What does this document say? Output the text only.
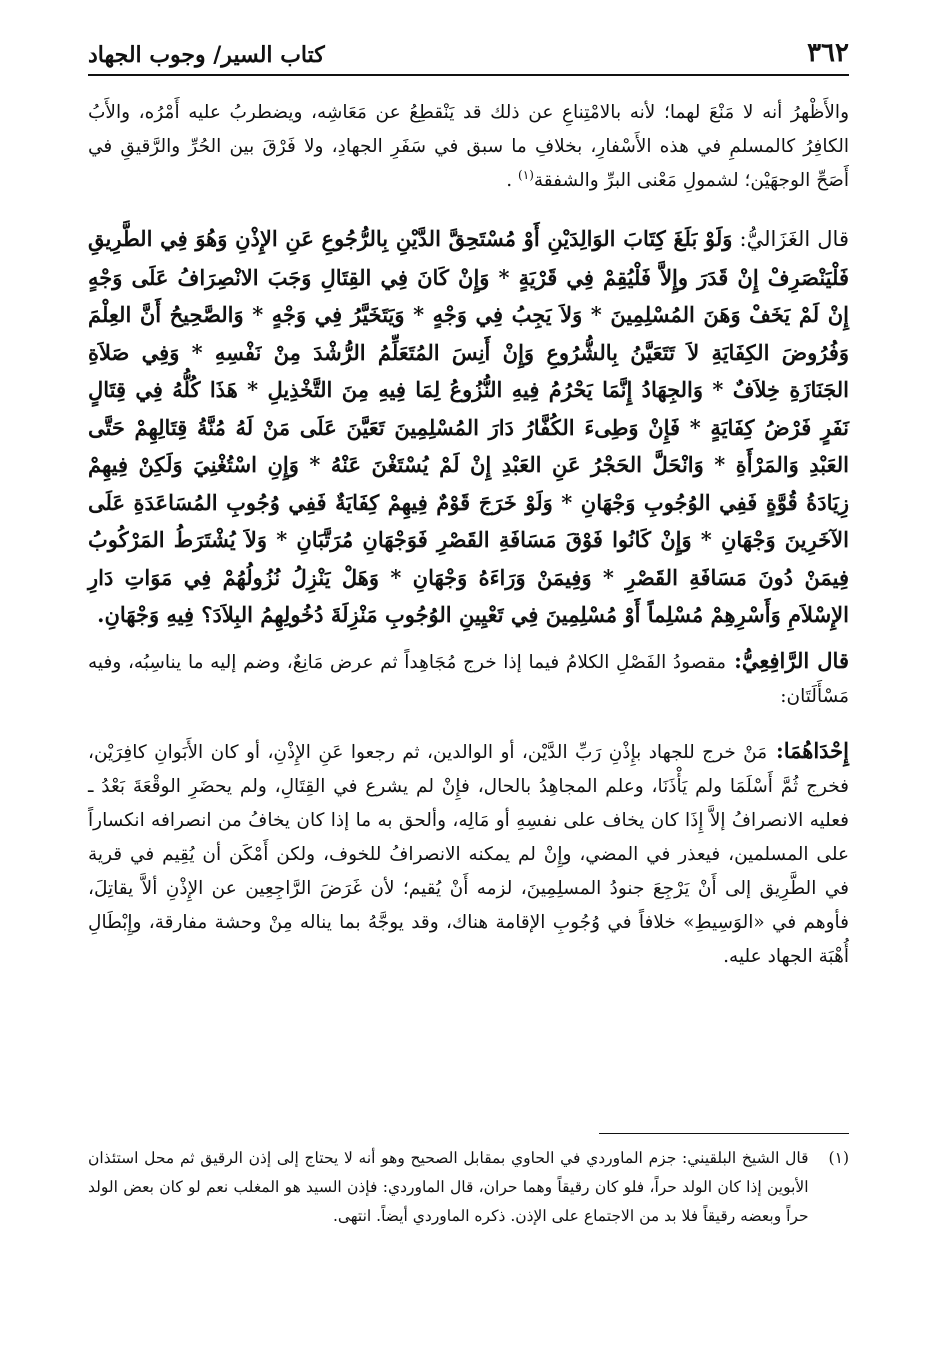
٣٦٢
كتاب السير/ وجوب الجهاد

والأَظْهرُ أنه لا مَنْعَ لهما؛ لأنه بالامْتِناعِ عن ذلك قد يَنْقطِعُ عن مَعَاشِه، ويضطربُ عليه أَمْرُه، والأَبُ الكافِرُ كالمسلمِ في هذه الأَسْفارِ، بخلافِ ما سبق في سَفَرِ الجهادِ، ولا فَرْقَ بين الحُرِّ والرَّقيقِ في أَصَحِّ الوجهَيْن؛ لشمولِ مَعْنى البرِّ والشفقة$^{(١)}$ .

قال الغَزَاليُّ: وَلَوْ بَلَغَ كِتَابَ الوَالِدَيْنِ أَوْ مُسْتَحِقَّ الدَّيْنِ بِالرُّجُوعِ عَنِ الإِذْنِ وَهُوَ فِي الطَّرِيقِ فَلْيَنْصَرِفْ إِنْ قَدَرَ وإِلاَّ فَلْيُقِمْ فِي قَرْيَةٍ * وَإِنْ كَانَ فِي القِتَالِ وَجَبَ الانْصِرَافُ عَلَى وَجْهٍ إِنْ لَمْ يَخَفْ وَهَنَ المُسْلِمِينَ * وَلاَ يَجِبُ فِي وَجْهٍ * وَيَتَخَيَّرُ فِي وَجْهٍ * وَالصَّحِيحُ أَنَّ العِلْمَ وَفُرُوضَ الكِفَايَةِ لاَ تَتَعَيَّنُ بِالشُّرُوعِ وَإِنْ أَنِسَ المُتَعَلِّمُ الرُّشْدَ مِنْ نَفْسِهِ * وَفِي صَلاَةِ الجَنَازَةِ خِلاَفٌ * وَالجِهَادُ إِنَّمَا يَحْرُمُ فِيهِ النُّزُوعُ لِمَا فِيهِ مِنَ التَّخْذِيلِ * هَذَا كُلُّهُ فِي قِتَالٍ نَفَرٍ فَرْضُ كِفَايَةٍ * فَإِنْ وَطِىءَ الكُفَّارُ دَارَ المُسْلِمِينَ تَعَيَّنَ عَلَى مَنْ لَهُ مُنَّةُ قِتَالِهِمْ حَتَّى العَبْدِ وَالمَرْأَةِ * وَانْحَلَّ الحَجْرُ عَنِ العَبْدِ إِنْ لَمْ يُسْتَغْنَ عَنْهُ * وَإِنِ اسْتُغْنِيَ وَلَكِنْ فِيهِمْ زِيَادَةُ قُوَّةٍ فَفِي الوُجُوبِ وَجْهَانِ * وَلَوْ خَرَجَ قَوْمٌ فِيهِمْ كِفَايَةٌ فَفِي وُجُوبِ المُسَاعَدَةِ عَلَى الآخَرِينَ وَجْهَانِ * وَإِنْ كَانُوا فَوْقَ مَسَافَةِ القَصْرِ فَوَجْهَانِ مُرَتَّبَانِ * وَلاَ يُشْتَرَطُ المَرْكُوبُ فِيمَنْ دُونَ مَسَافَةِ القَصْرِ * وَفِيمَنْ وَرَاءَهُ وَجْهَانِ * وَهَلْ يَنْزِلُ نُزُولُهُمْ فِي مَوَاتِ دَارِ الإِسْلاَمِ وَأَسْرِهِمْ مُسْلِماً أَوْ مُسْلِمِينَ فِي تَعْيِينِ الوُجُوبِ مَنْزِلَةَ دُخُولِهِمُ البِلاَدَ؟ فِيهِ وَجْهَانِ.

قال الرَّافِعِيُّ: مقصودُ الفَصْلِ الكلامُ فيما إذا خرج مُجَاهِداً ثم عرض مَانِعٌ، وضم إليه ما يناسِبُه، وفيه مَسْأَلَتَان:

إِحْدَاهُمَا: مَنْ خرج للجهاد بإِذْنِ رَبِّ الدَّيْن، أو الوالدين، ثم رجعوا عَنِ الإِذْنِ، أو كان الأَبَوانِ كافِرَيْن، فخرج ثُمَّ أَسْلَمَا ولم يَأْذَنَا، وعلم المجاهِدُ بالحال، فإِنْ لم يشرع في القِتَالِ، ولم يحضَرِ الوقْعَةَ بَعْدُ ـ فعليه الانصرافُ إلاَّ إِذَا كان يخاف على نفسِهِ أو مَالِه، وألحق به ما إذا كان يخافُ من انصرافه انكساراً على المسلمين، فيعذر في المضي، وإِنْ لم يمكنه الانصرافُ للخوف، ولكن أَمْكَن أن يُقِيم في قرية في الطَّرِيق إلى أَنْ يَرْجِعَ جنودُ المسلِمِينَ، لزمه أَنْ يُقيم؛ لأن غَرَضَ الرَّاجِعِين عن الإِذْنِ ألاَّ يقاتِلَ، فأوهم في «الوَسِيطِ» خلافاً في وُجُوبِ الإقامة هناك، وقد يوجَّهُ بما يناله مِنْ وحشة مفارقة، وإِبْطَالِ أُهْبَة الجهاد عليه.

(١)
قال الشيخ البلقيني: جزم الماوردي في الحاوي بمقابل الصحيح وهو أنه لا يحتاج إلى إذن الرقيق ثم محل استئذان الأبوين إذا كان الولد حراً، فلو كان رقيقاً وهما حران، قال الماوردي: فإذن السيد هو المغلب نعم لو كان بعض الولد حراً وبعضه رقيقاً فلا بد من الاجتماع على الإذن. ذكره الماوردي أيضاً. انتهى.
